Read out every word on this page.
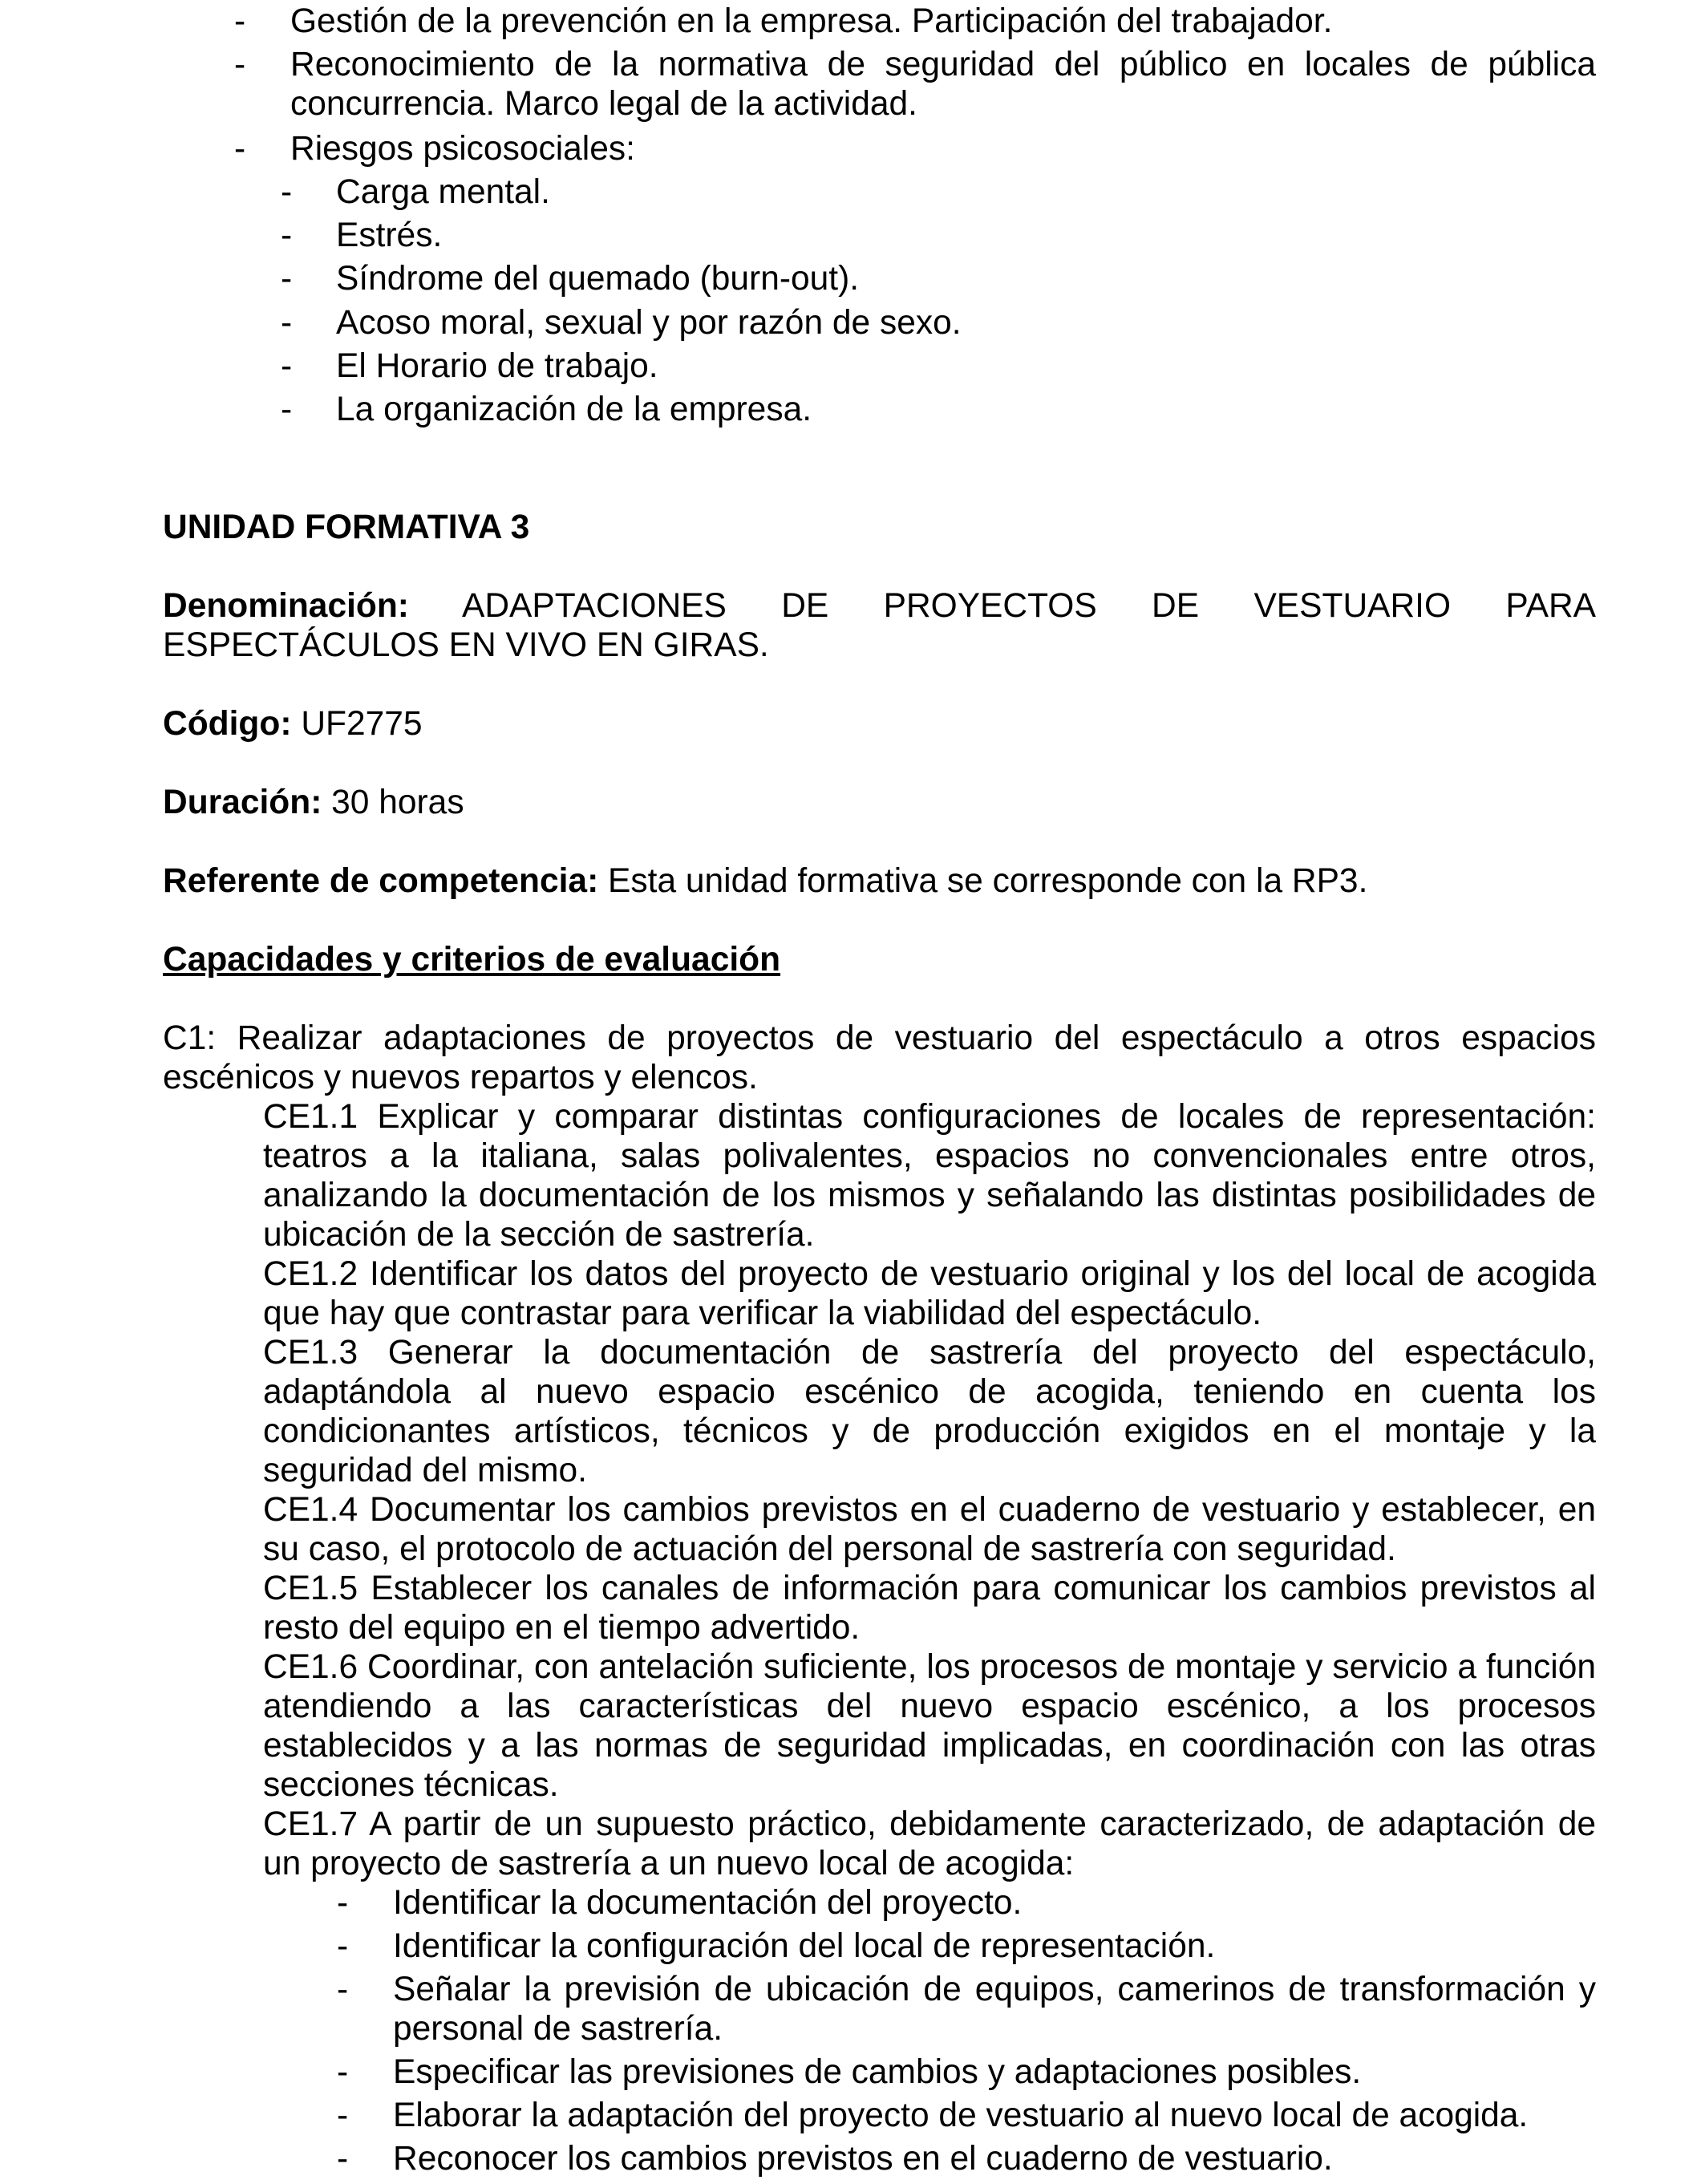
- Gestión de la prevención en la empresa. Participación del trabajador.
- Reconocimiento de la normativa de seguridad del público en locales de pública concurrencia. Marco legal de la actividad.
- Riesgos psicosociales:
- Carga mental.
- Estrés.
- Síndrome del quemado (burn-out).
- Acoso moral, sexual y por razón de sexo.
- El Horario de trabajo.
- La organización de la empresa.
UNIDAD FORMATIVA 3
Denominación: ADAPTACIONES DE PROYECTOS DE VESTUARIO PARA
ESPECTÁCULOS EN VIVO EN GIRAS.
Código: UF2775
Duración: 30 horas
Referente de competencia: Esta unidad formativa se corresponde con la RP3.
Capacidades y criterios de evaluación
C1: Realizar adaptaciones de proyectos de vestuario del espectáculo a otros espacios escénicos y nuevos repartos y elencos.
CE1.1 Explicar y comparar distintas configuraciones de locales de representación: teatros a la italiana, salas polivalentes, espacios no convencionales entre otros, analizando la documentación de los mismos y señalando las distintas posibilidades de ubicación de la sección de sastrería.
CE1.2 Identificar los datos del proyecto de vestuario original y los del local de acogida que hay que contrastar para verificar la viabilidad del espectáculo.
CE1.3 Generar la documentación de sastrería del proyecto del espectáculo, adaptándola al nuevo espacio escénico de acogida, teniendo en cuenta los condicionantes artísticos, técnicos y de producción exigidos en el montaje y la seguridad del mismo.
CE1.4 Documentar los cambios previstos en el cuaderno de vestuario y establecer, en su caso, el protocolo de actuación del personal de sastrería con seguridad.
CE1.5 Establecer los canales de información para comunicar los cambios previstos al resto del equipo en el tiempo advertido.
CE1.6 Coordinar, con antelación suficiente, los procesos de montaje y servicio a función atendiendo a las características del nuevo espacio escénico, a los procesos establecidos y a las normas de seguridad implicadas, en coordinación con las otras secciones técnicas.
CE1.7 A partir de un supuesto práctico, debidamente caracterizado, de adaptación de un proyecto de sastrería a un nuevo local de acogida:
- Identificar la documentación del proyecto.
- Identificar la configuración del local de representación.
- Señalar la previsión de ubicación de equipos, camerinos de transformación y personal de sastrería.
- Especificar las previsiones de cambios y adaptaciones posibles.
- Elaborar la adaptación del proyecto de vestuario al nuevo local de acogida.
- Reconocer los cambios previstos en el cuaderno de vestuario.
